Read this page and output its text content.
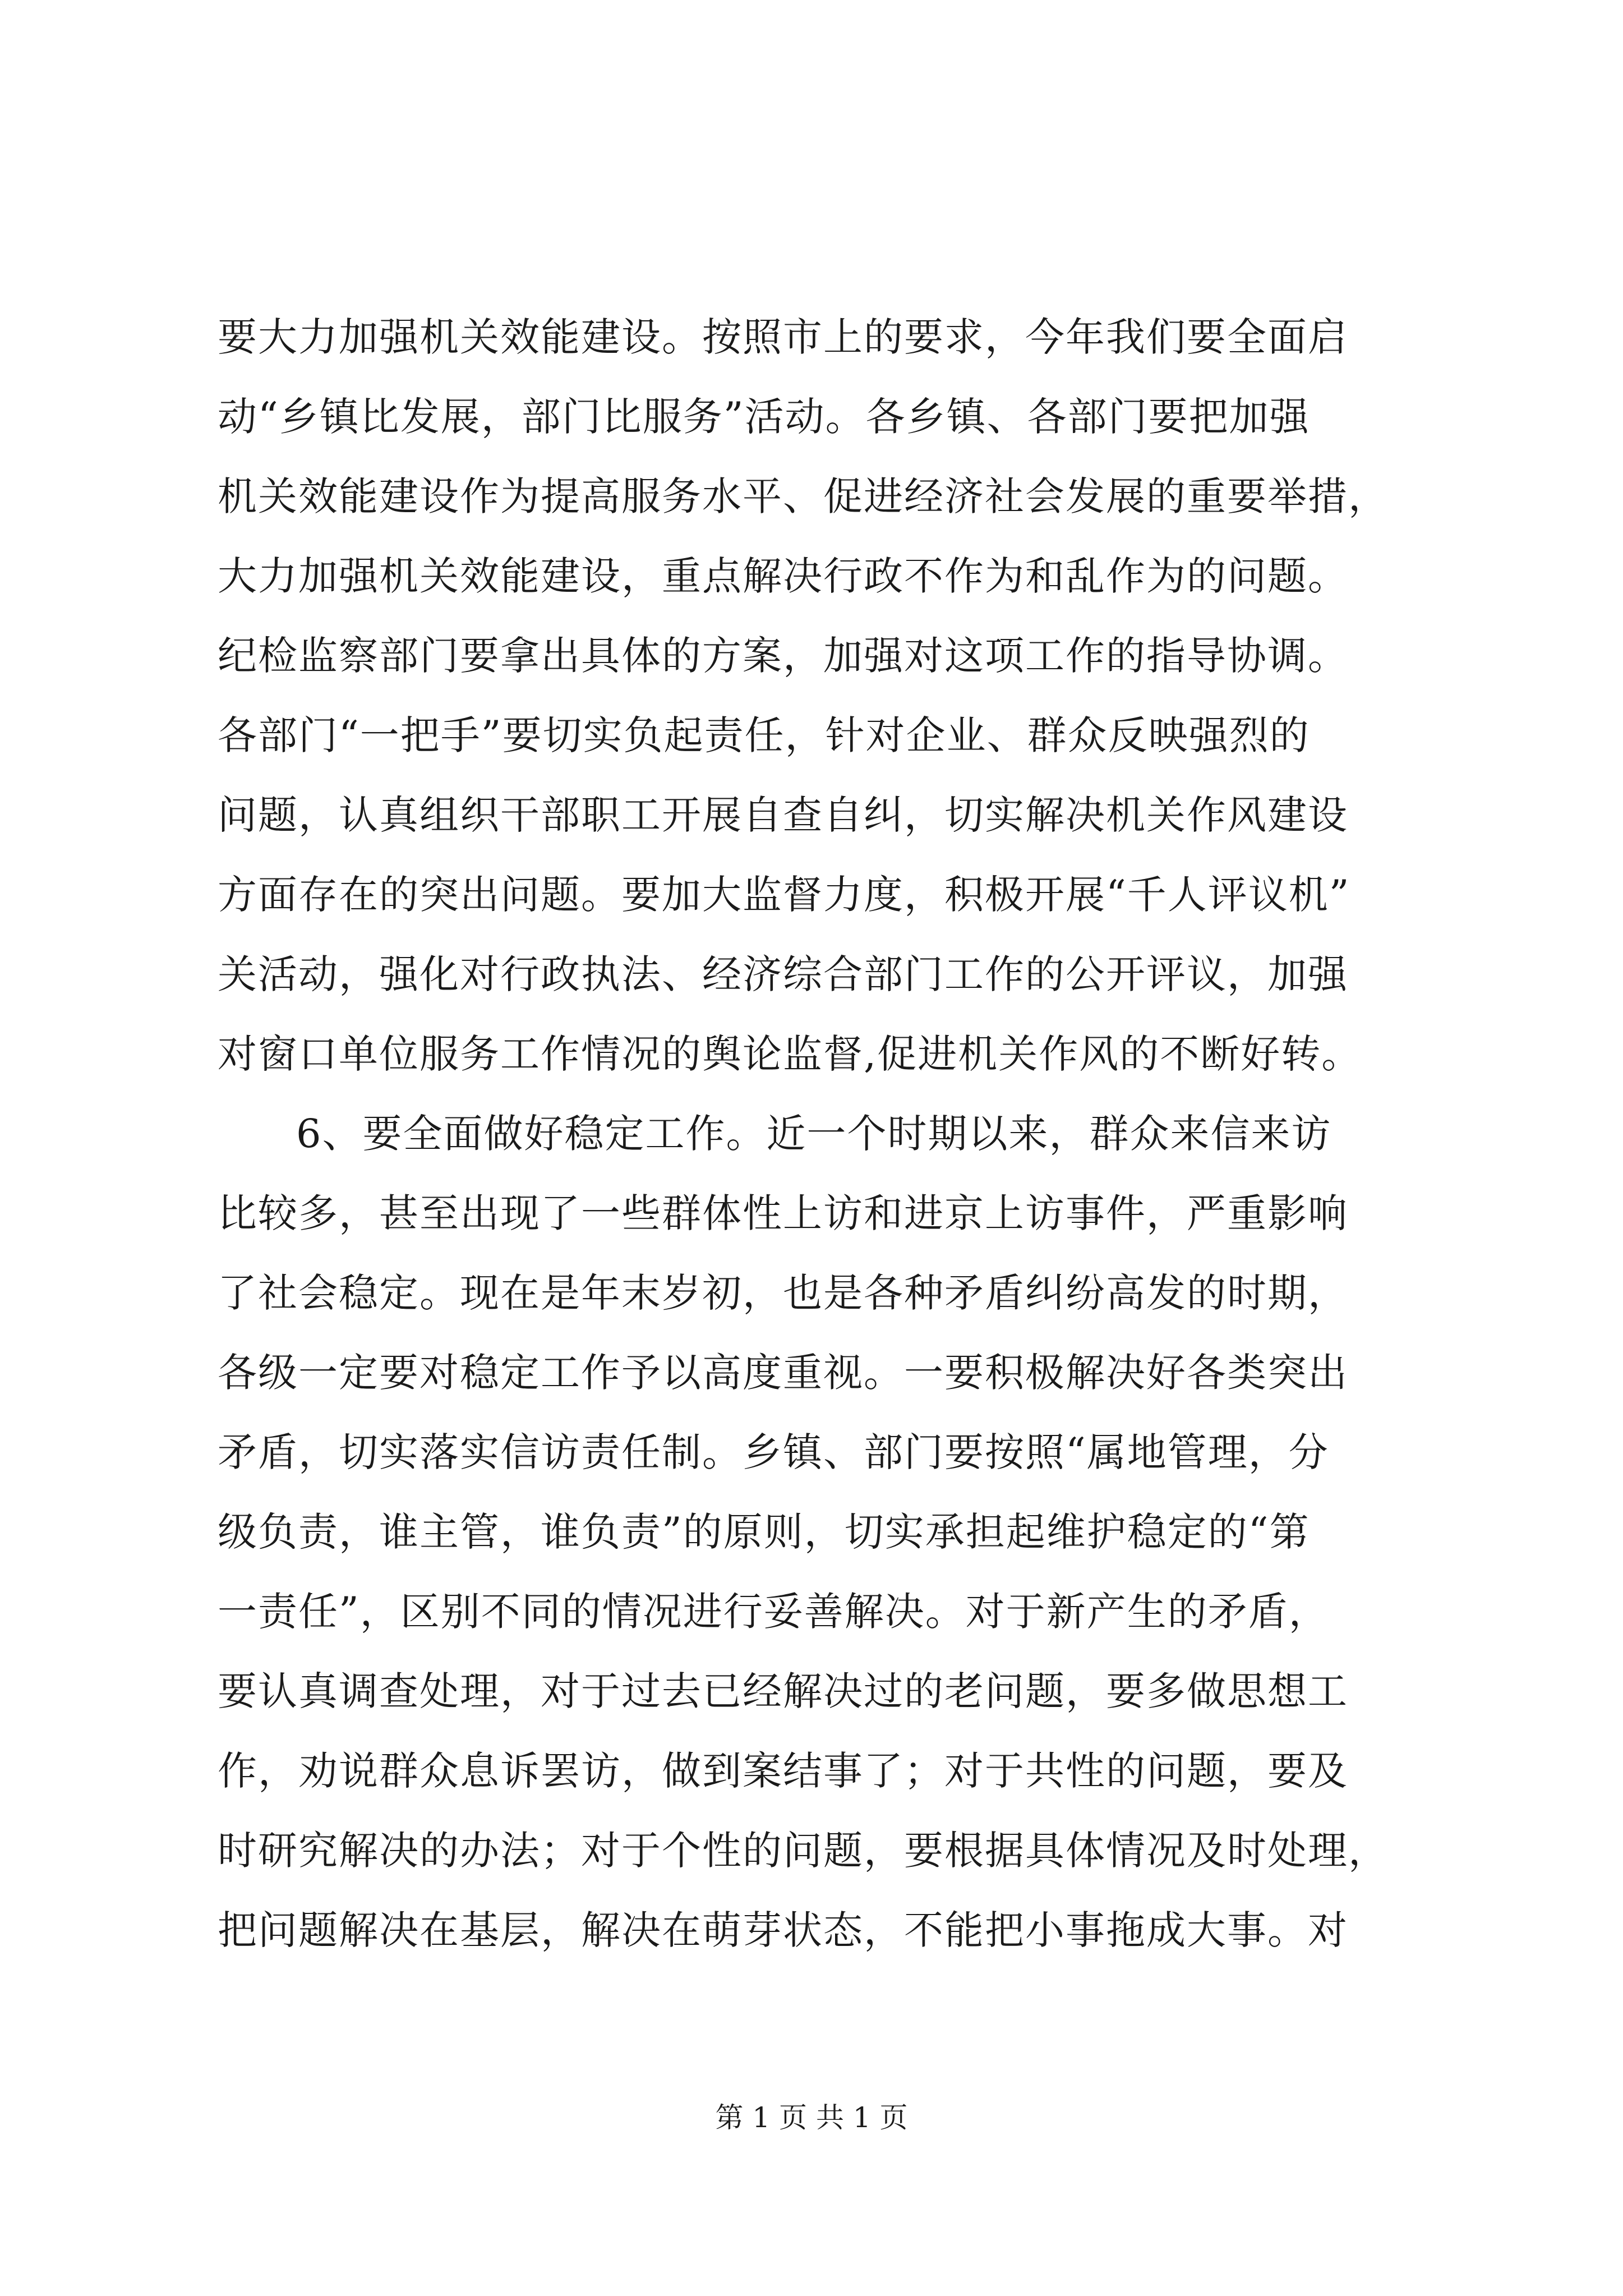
要大力加强机关效能建设。按照市上的要求，今年我们要全面启
动“乡镇比发展，部门比服务”活动。各乡镇、各部门要把加强
机关效能建设作为提高服务水平、促进经济社会发展的重要举措，
大力加强机关效能建设，重点解决行政不作为和乱作为的问题。
纪检监察部门要拿出具体的方案，加强对这项工作的指导协调。
各部门“一把手”要切实负起责任，针对企业、群众反映强烈的
问题，认真组织干部职工开展自查自纠，切实解决机关作风建设
方面存在的突出问题。要加大监督力度，积极开展“千人评议机”
关活动，强化对行政执法、经济综合部门工作的公开评议，加强
对窗口单位服务工作情况的舆论监督,促进机关作风的不断好转。
6、要全面做好稳定工作。近一个时期以来，群众来信来访
比较多，甚至出现了一些群体性上访和进京上访事件，严重影响
了社会稳定。现在是年末岁初，也是各种矛盾纠纷高发的时期，
各级一定要对稳定工作予以高度重视。一要积极解决好各类突出
矛盾，切实落实信访责任制。乡镇、部门要按照“属地管理，分
级负责，谁主管，谁负责”的原则，切实承担起维护稳定的“第
一责任”，区别不同的情况进行妥善解决。对于新产生的矛盾，
要认真调查处理，对于过去已经解决过的老问题，要多做思想工
作，劝说群众息诉罢访，做到案结事了；对于共性的问题，要及
时研究解决的办法；对于个性的问题，要根据具体情况及时处理，
把问题解决在基层，解决在萌芽状态，不能把小事拖成大事。对
第 1 页 共 1 页
